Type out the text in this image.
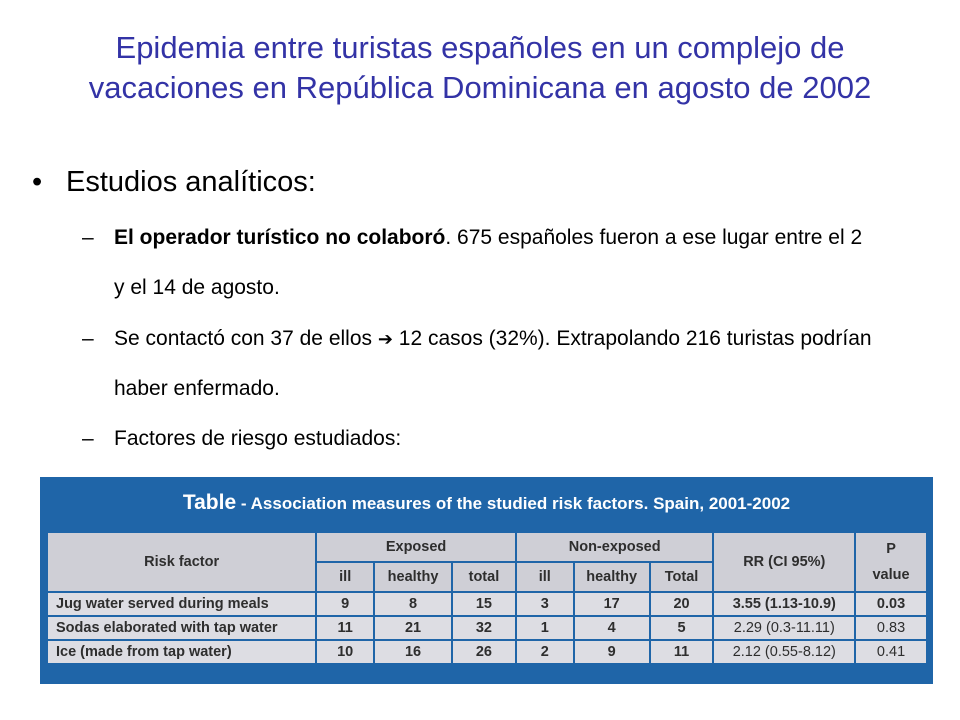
Epidemia entre turistas españoles en un complejo de
vacaciones en República Dominicana en agosto de 2002
• Estudios analíticos:
– El operador turístico no colaboró. 675 españoles fueron a ese lugar entre el 2 y el 14 de agosto.
– Se contactó con 37 de ellos ➔ 12 casos (32%). Extrapolando 216 turistas podrían haber enfermado.
– Factores de riesgo estudiados:
Table - Association measures of the studied risk factors. Spain, 2001-2002
Risk factor	Exposed			Non-exposed			RR (CI 95%)	P
value
	ill	healthy	total	ill	healthy	Total		
Jug water served during meals	9	8	15	3	17	20	3.55 (1.13-10.9)	0.03
Sodas elaborated with tap water	11	21	32	1	4	5	2.29 (0.3-11.11)	0.83
Ice (made from tap water)	10	16	26	2	9	11	2.12 (0.55-8.12)	0.41
